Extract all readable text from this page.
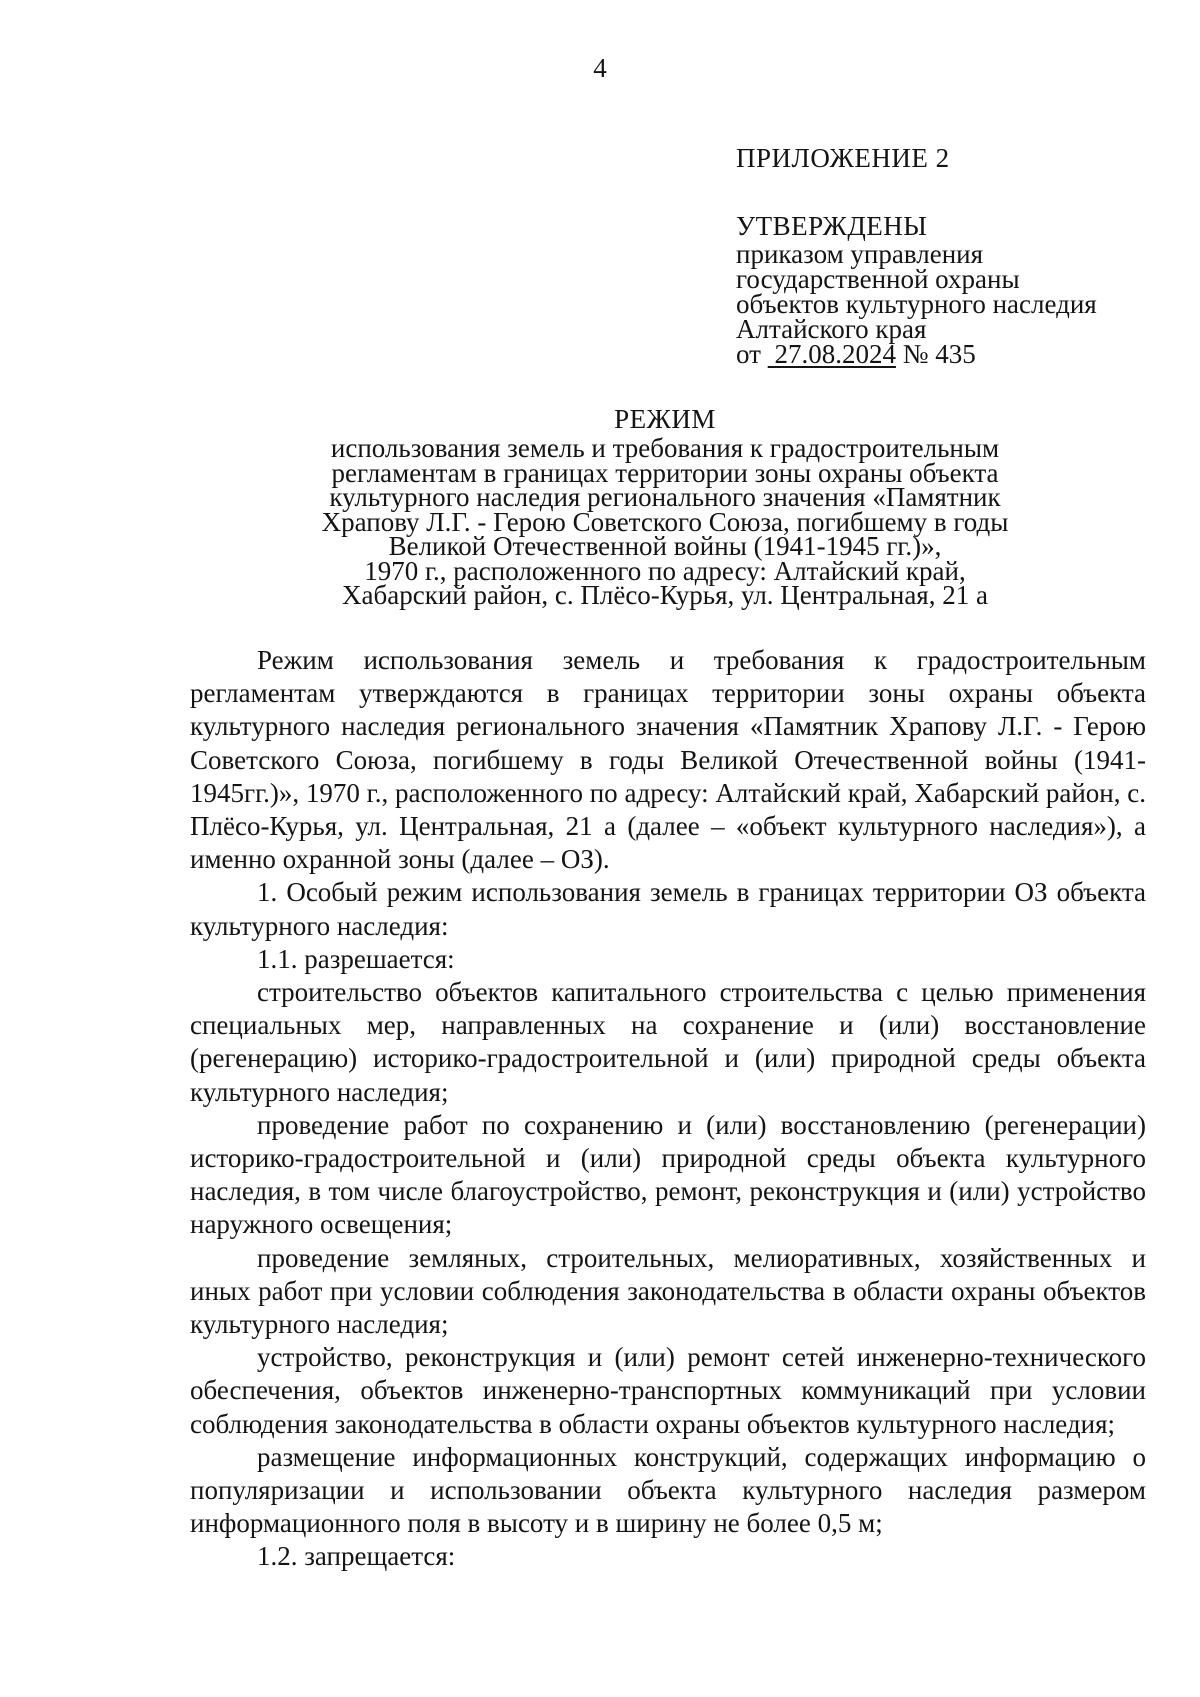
4
ПРИЛОЖЕНИЕ 2
УТВЕРЖДЕНЫ
приказом управления
государственной охраны
объектов культурного наследия
Алтайского края
от 27.08.2024 № 435
РЕЖИМ
использования земель и требования к градостроительным
регламентам в границах территории зоны охраны объекта
культурного наследия регионального значения «Памятник
Храпову Л.Г. - Герою Советского Союза, погибшему в годы
Великой Отечественной войны (1941-1945 гг.)»,
1970 г., расположенного по адресу: Алтайский край,
Хабарский район, с. Плёсо-Курья, ул. Центральная, 21 а

Режим использования земель и требования к градостроительным регламентам утверждаются в границах территории зоны охраны объекта культурного наследия регионального значения «Памятник Храпову Л.Г. - Герою Советского Союза, погибшему в годы Великой Отечественной войны (1941-1945гг.)», 1970 г., расположенного по адресу: Алтайский край, Хабарский район, с. Плёсо-Курья, ул. Центральная, 21 а (далее – «объект культурного наследия»), а именно охранной зоны (далее – ОЗ).

1. Особый режим использования земель в границах территории ОЗ объекта культурного наследия:

1.1. разрешается:

строительство объектов капитального строительства с целью применения специальных мер, направленных на сохранение и (или) восстановление (регенерацию) историко-градостроительной и (или) природной среды объекта культурного наследия;

проведение работ по сохранению и (или) восстановлению (регенерации) историко-градостроительной и (или) природной среды объекта культурного наследия, в том числе благоустройство, ремонт, реконструкция и (или) устройство наружного освещения;

проведение земляных, строительных, мелиоративных, хозяйственных и иных работ при условии соблюдения законодательства в области охраны объектов культурного наследия;

устройство, реконструкция и (или) ремонт сетей инженерно-технического обеспечения, объектов инженерно-транспортных коммуникаций при условии соблюдения законодательства в области охраны объектов культурного наследия;

размещение информационных конструкций, содержащих информацию о популяризации и использовании объекта культурного наследия размером информационного поля в высоту и в ширину не более 0,5 м;

1.2. запрещается:
